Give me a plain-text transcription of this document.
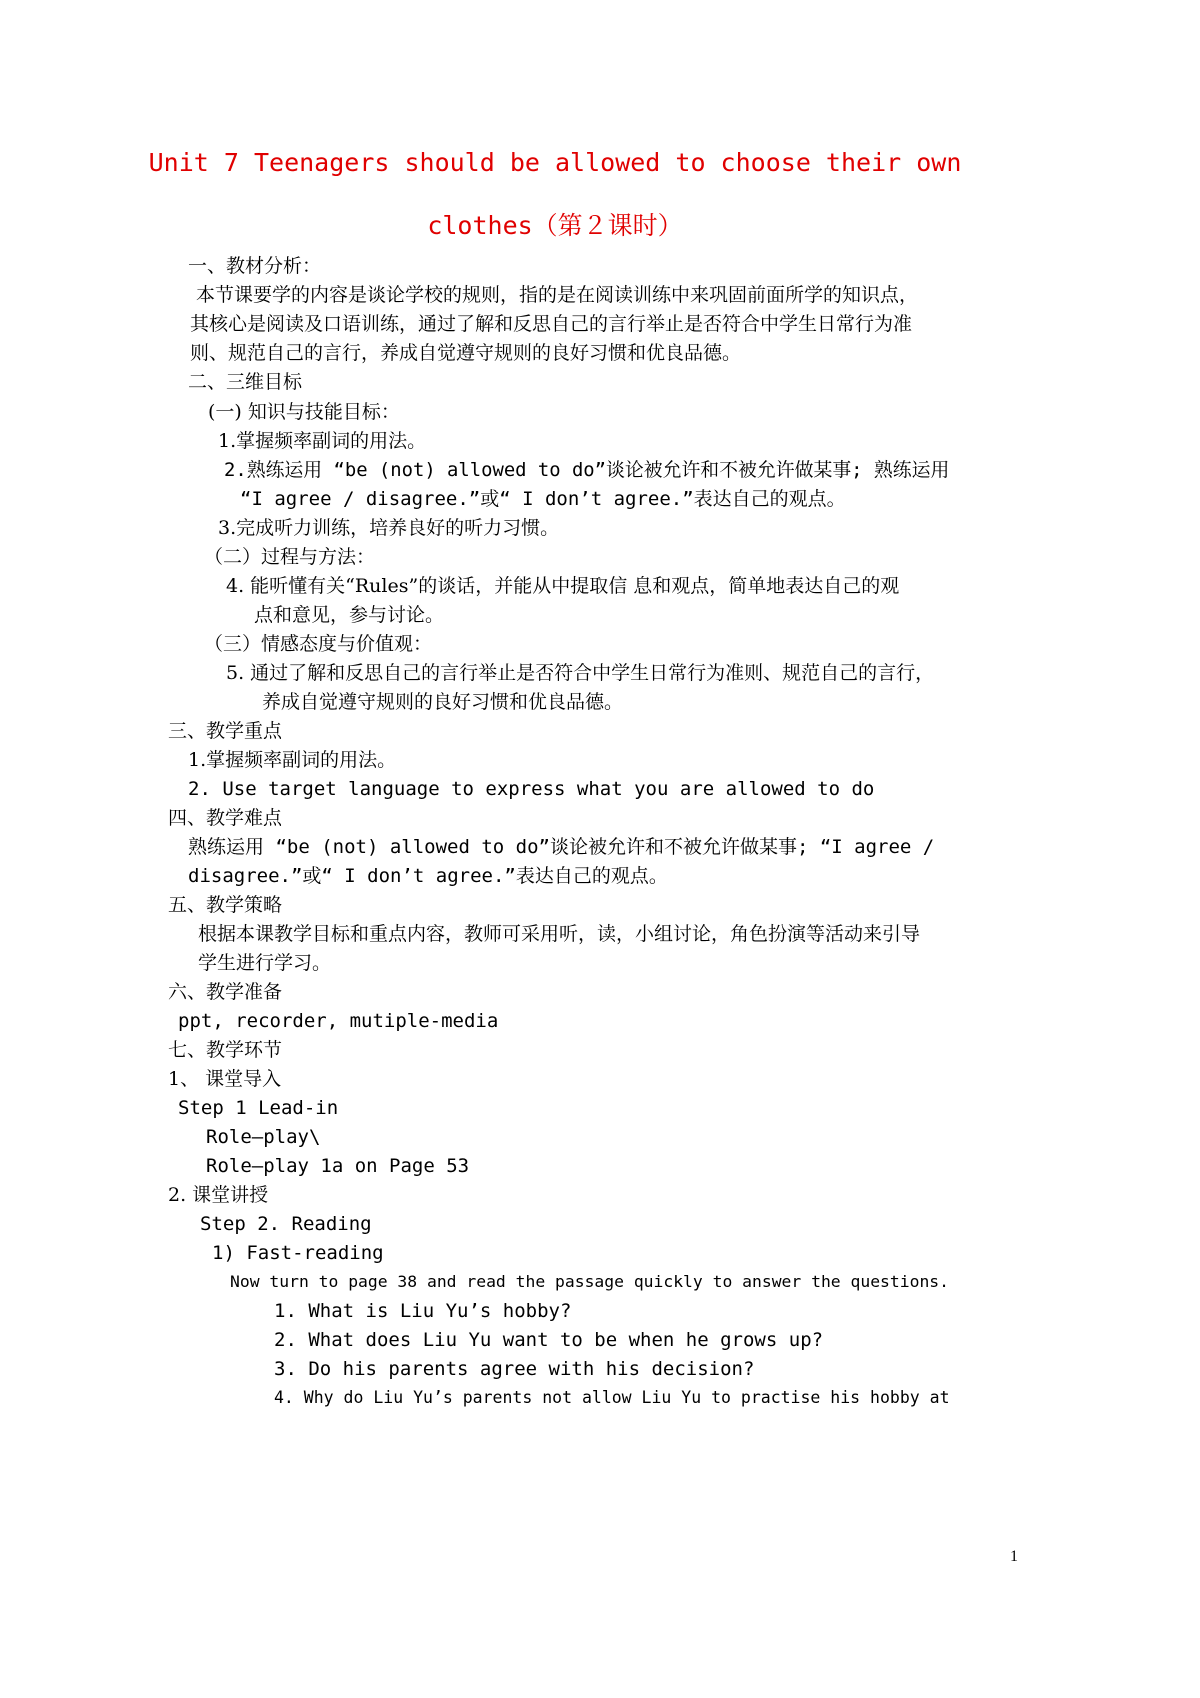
Unit 7 Teenagers should be allowed to choose their own
clothes（第２课时）
一、教材分析：
本节课要学的内容是谈论学校的规则，指的是在阅读训练中来巩固前面所学的知识点，
其核心是阅读及口语训练，通过了解和反思自己的言行举止是否符合中学生日常行为准
则、规范自己的言行，养成自觉遵守规则的良好习惯和优良品德。
二、三维目标
(一) 知识与技能目标：
1.掌握频率副词的用法。
2.熟练运用 “be (not) allowed to do”谈论被允许和不被允许做某事; 熟练运用
“I agree / disagree.”或“ I don’t agree.”表达自己的观点。
3.完成听力训练，培养良好的听力习惯。
（二）过程与方法：
4. 能听懂有关“Rules”的谈话，并能从中提取信 息和观点，简单地表达自己的观
点和意见，参与讨论。
（三）情感态度与价值观：
5. 通过了解和反思自己的言行举止是否符合中学生日常行为准则、规范自己的言行，
养成自觉遵守规则的良好习惯和优良品德。
三、教学重点
1.掌握频率副词的用法。
2. Use target language to express what you are allowed to do
四、教学难点
熟练运用 “be (not) allowed to do”谈论被允许和不被允许做某事; “I agree /
disagree.”或“ I don’t agree.”表达自己的观点。
五、教学策略
根据本课教学目标和重点内容，教师可采用听，读，小组讨论，角色扮演等活动来引导
学生进行学习。
六、教学准备
ppt, recorder, mutiple-media
七、教学环节
1、 课堂导入
Step 1 Lead-in
Role—play\
Role—play 1a on Page 53
2. 课堂讲授
Step 2. Reading
1) Fast-reading
Now turn to page 38 and read the passage quickly to answer the questions.
1. What is Liu Yu’s hobby?
2. What does Liu Yu want to be when he grows up?
3. Do his parents agree with his decision?
4. Why do Liu Yu’s parents not allow Liu Yu to practise his hobby at
1
